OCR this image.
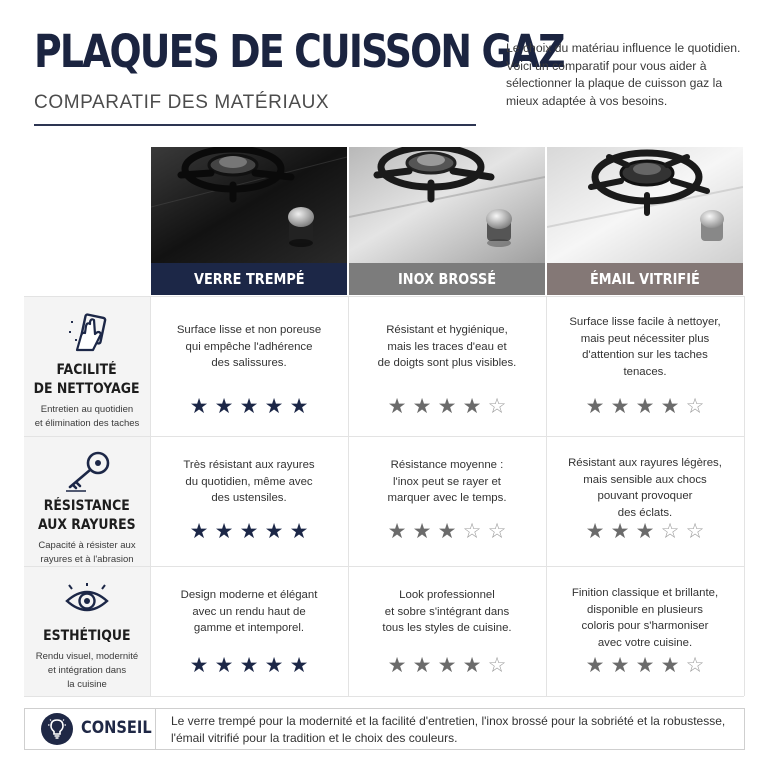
PLAQUES DE CUISSON GAZ
COMPARATIF DES MATÉRIAUX
Le choix du matériau influence le quotidien. Voici un comparatif pour vous aider à sélectionner la plaque de cuisson gaz la mieux adaptée à vos besoins.
VERRE TREMPÉ	INOX BROSSÉ	ÉMAIL VITRIFIÉ
FACILITÉ
DE NETTOYAGE
Entretien au quotidien
et élimination des taches
RÉSISTANCE
AUX RAYURES
Capacité à résister aux
rayures et à l'abrasion
ESTHÉTIQUE
Rendu visuel, modernité
et intégration dans
la cuisine
Surface lisse et non poreuse
qui empêche l'adhérence
des salissures.
★ ★ ★ ★ ★
Résistant et hygiénique,
mais les traces d'eau et
de doigts sont plus visibles.
★ ★ ★ ★ ☆
Surface lisse facile à nettoyer,
mais peut nécessiter plus
d'attention sur les taches
tenaces.
★ ★ ★ ★ ☆
Très résistant aux rayures
du quotidien, même avec
des ustensiles.
★ ★ ★ ★ ★
Résistance moyenne :
l'inox peut se rayer et
marquer avec le temps.
★ ★ ★ ☆ ☆
Résistant aux rayures légères,
mais sensible aux chocs
pouvant provoquer
des éclats.
★ ★ ★ ☆ ☆
Design moderne et élégant
avec un rendu haut de
gamme et intemporel.
★ ★ ★ ★ ★
Look professionnel
et sobre s'intégrant dans
tous les styles de cuisine.
★ ★ ★ ★ ☆
Finition classique et brillante,
disponible en plusieurs
coloris pour s'harmoniser
avec votre cuisine.
★ ★ ★ ★ ☆
CONSEIL Le verre trempé pour la modernité et la facilité d'entretien, l'inox brossé pour la sobriété et la robustesse, l'émail vitrifié pour la tradition et le choix des couleurs.
